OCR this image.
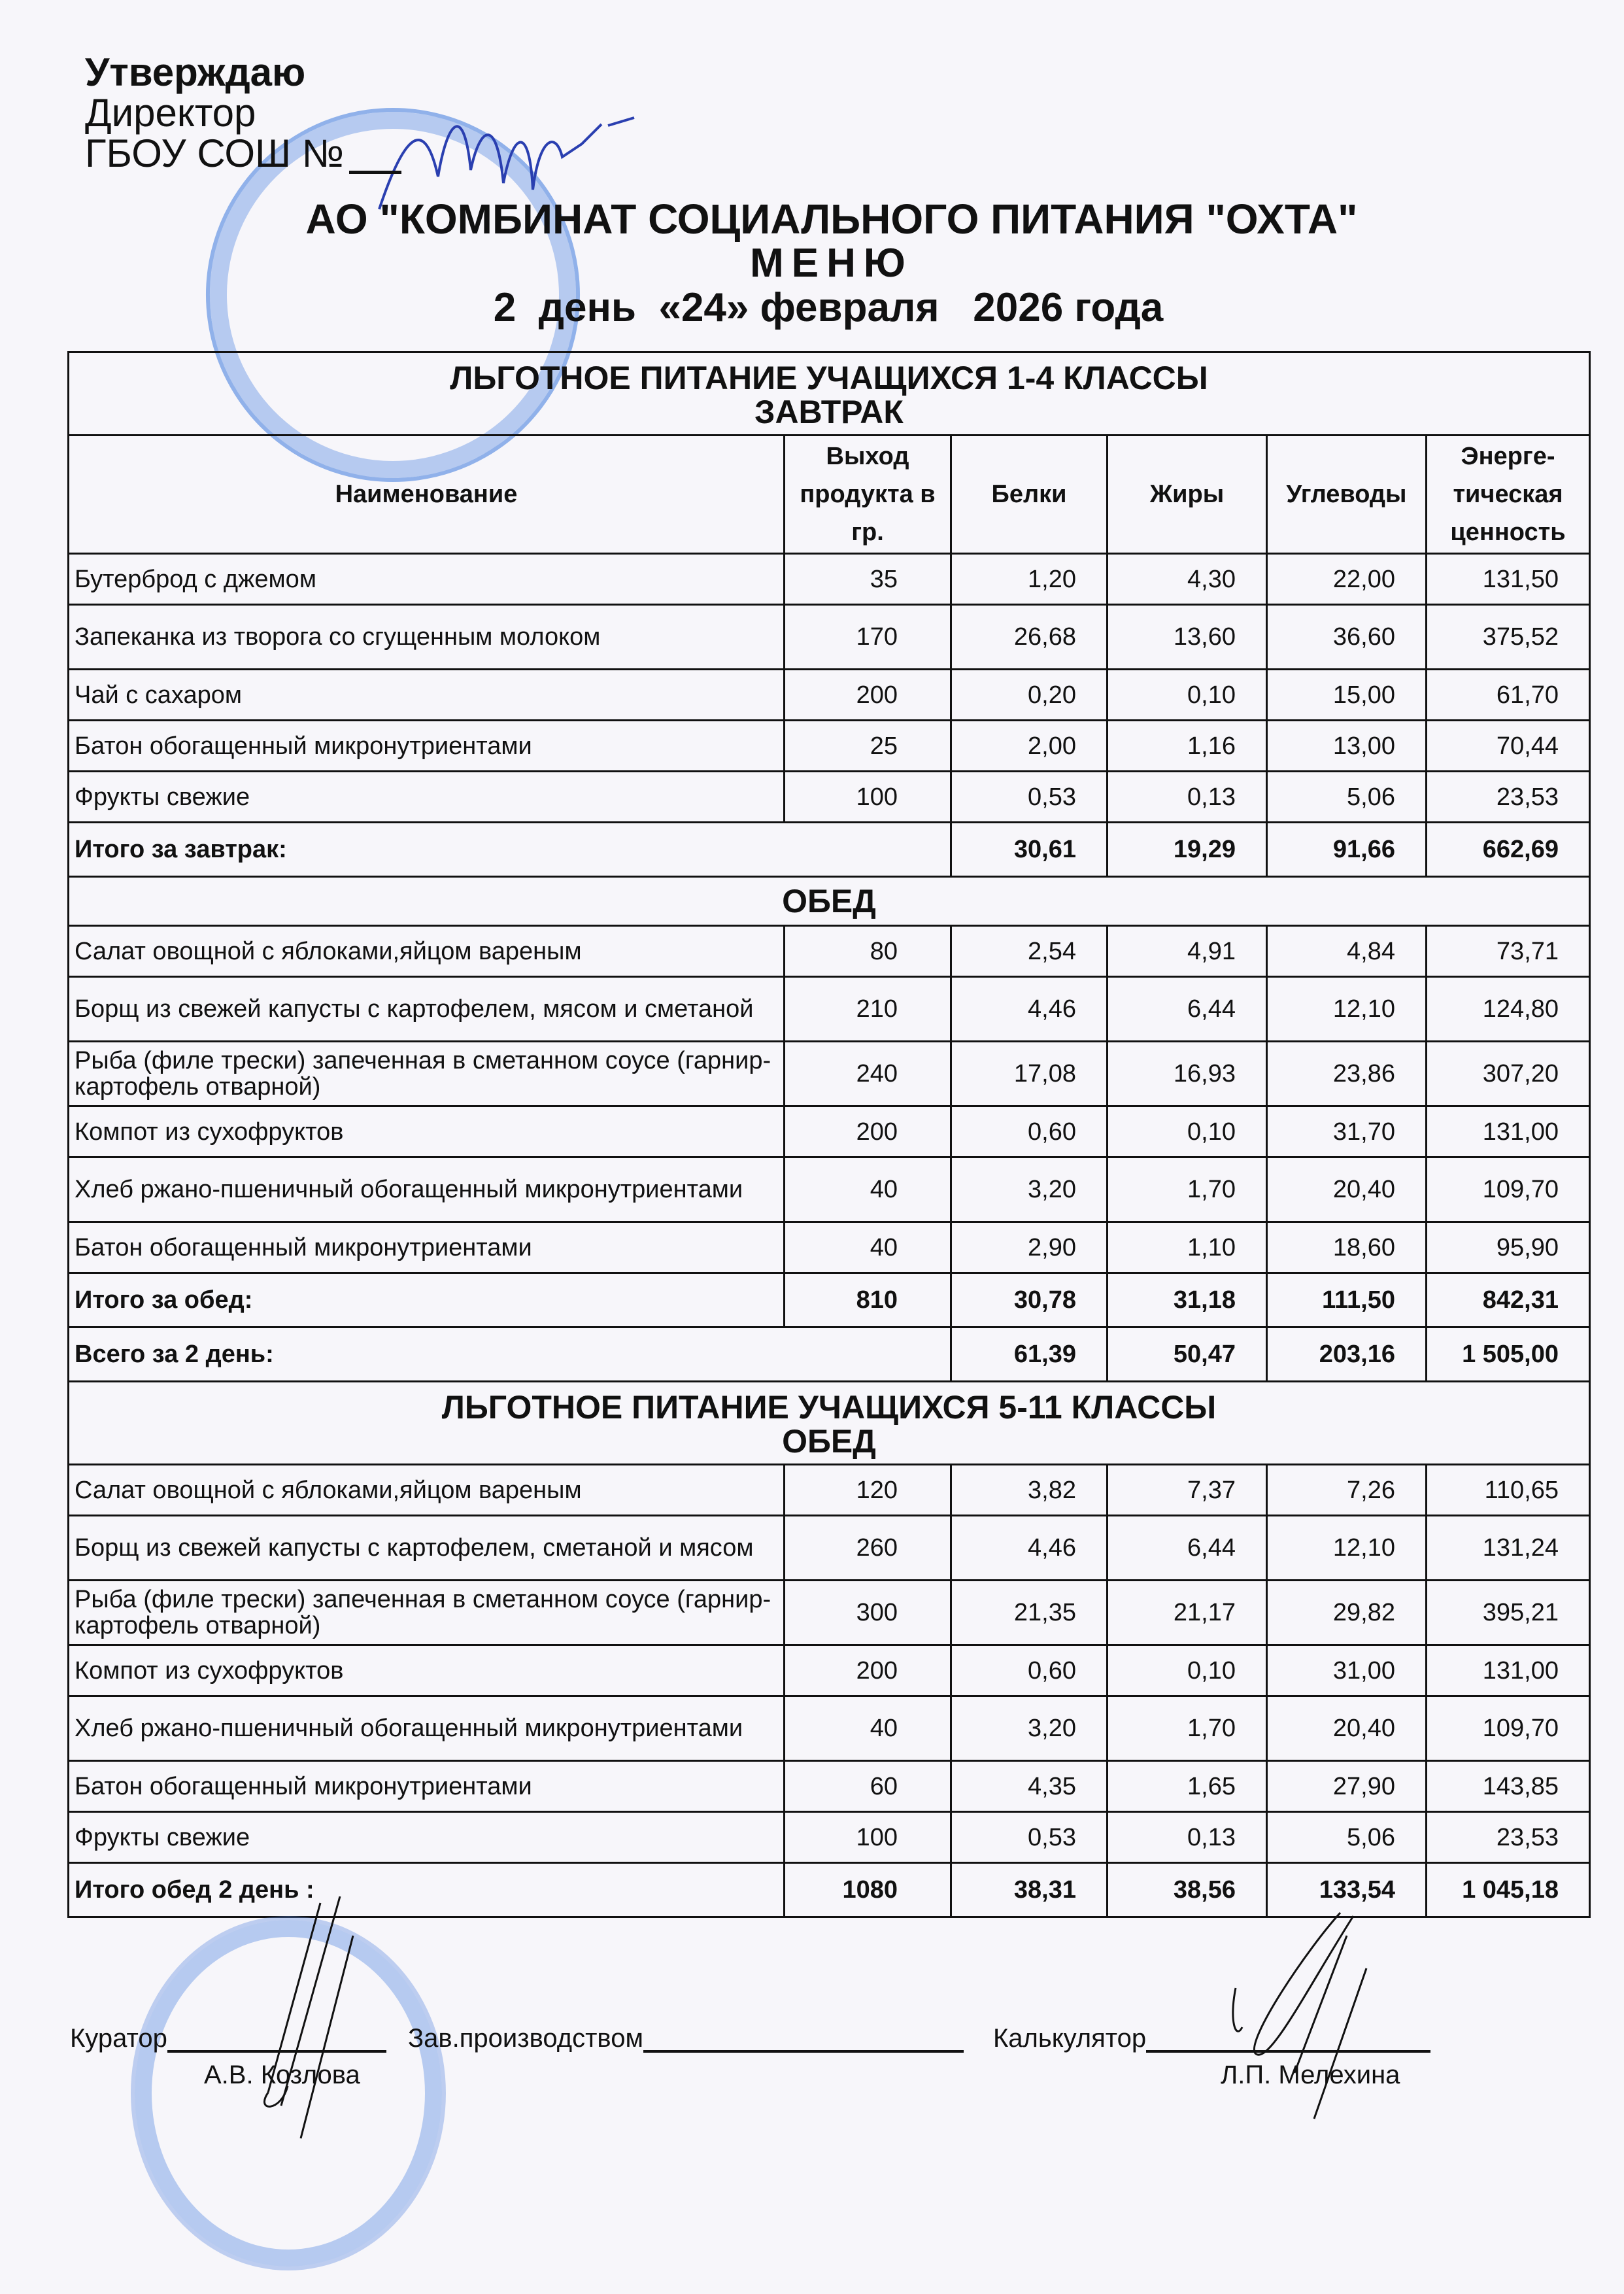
Утверждаю
Директор
ГБОУ СОШ №
АО "КОМБИНАТ СОЦИАЛЬНОГО ПИТАНИЯ "ОХТА"
МЕНЮ
2  день  «24» февраля   2026 года
ЛЬГОТНОЕ ПИТАНИЕ УЧАЩИХСЯ 1-4 КЛАССЫ
ЗАВТРАК					

Наименование	Выход продукта в гр.	Белки	Жиры	Углеводы	Энерге-тическая ценность
Бутерброд с джемом	35	1,20	4,30	22,00	131,50
Запеканка из творога со сгущенным молоком	170	26,68	13,60	36,60	375,52
Чай с сахаром	200	0,20	0,10	15,00	61,70
Батон обогащенный микронутриентами	25	2,00	1,16	13,00	70,44
Фрукты свежие	100	0,53	0,13	5,06	23,53
Итого за завтрак:		30,61	19,29	91,66	662,69
ОБЕД					
Салат овощной с яблоками,яйцом вареным	80	2,54	4,91	4,84	73,71
Борщ из свежей капусты с картофелем, мясом и сметаной	210	4,46	6,44	12,10	124,80
Рыба (филе трески) запеченная в сметанном соусе (гарнир-картофель отварной)	240	17,08	16,93	23,86	307,20
Компот из сухофруктов	200	0,60	0,10	31,70	131,00
Хлеб ржано-пшеничный обогащенный микронутриентами	40	3,20	1,70	20,40	109,70
Батон обогащенный микронутриентами	40	2,90	1,10	18,60	95,90
Итого за обед:	810	30,78	31,18	111,50	842,31
Всего за 2 день:		61,39	50,47	203,16	1 505,00

ЛЬГОТНОЕ ПИТАНИЕ УЧАЩИХСЯ 5-11 КЛАССЫ
ОБЕД					

Салат овощной с яблоками,яйцом вареным	120	3,82	7,37	7,26	110,65
Борщ из свежей капусты с картофелем, сметаной и мясом	260	4,46	6,44	12,10	131,24
Рыба (филе трески) запеченная в сметанном соусе (гарнир-картофель отварной)	300	21,35	21,17	29,82	395,21
Компот из сухофруктов	200	0,60	0,10	31,00	131,00
Хлеб ржано-пшеничный обогащенный микронутриентами	40	3,20	1,70	20,40	109,70
Батон обогащенный микронутриентами	60	4,35	1,65	27,90	143,85
Фрукты свежие	100	0,53	0,13	5,06	23,53
Итого обед 2 день :	1080	38,31	38,56	133,54	1 045,18
Куратор
А.В. Козлова
Зав.производством	Калькулятор
Л.П. Мелехина
